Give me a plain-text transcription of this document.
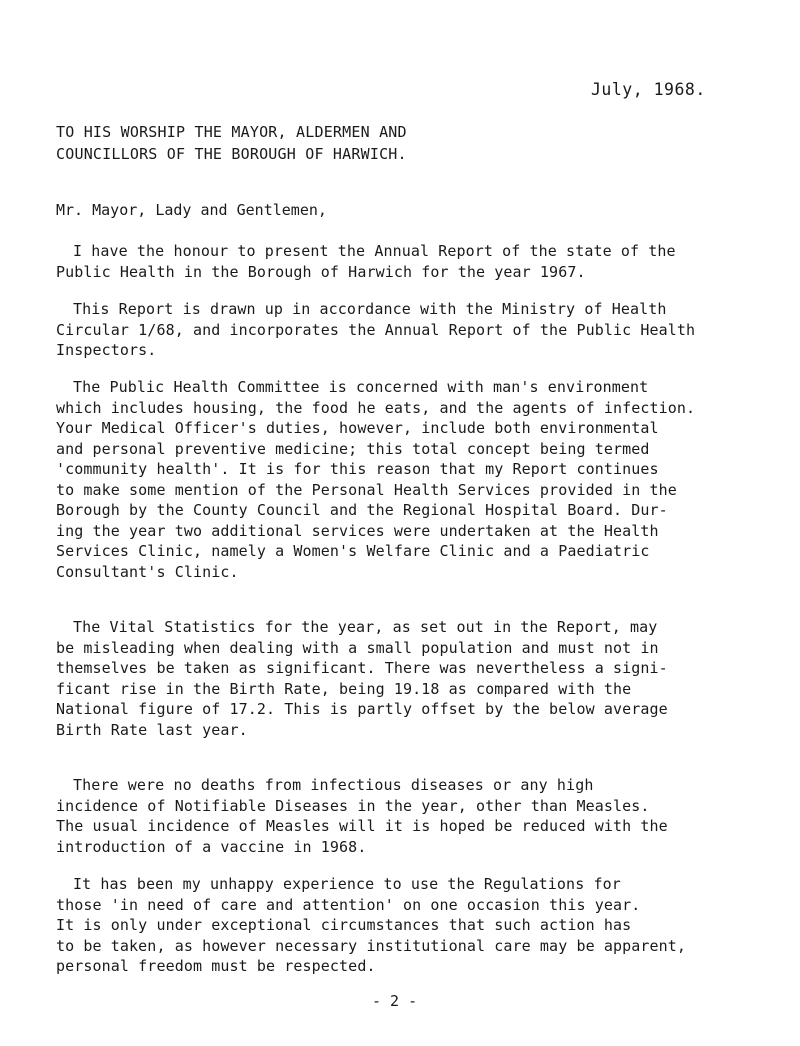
July, 1968.
TO HIS WORSHIP THE MAYOR, ALDERMEN AND
COUNCILLORS OF THE BOROUGH OF HARWICH.
Mr. Mayor, Lady and Gentlemen,
I have the honour to present the Annual Report of the state of the
Public Health in the Borough of Harwich for the year 1967.
This Report is drawn up in accordance with the Ministry of Health
Circular 1/68, and incorporates the Annual Report of the Public Health
Inspectors.
The Public Health Committee is concerned with man's environment
which includes housing, the food he eats, and the agents of infection.
Your Medical Officer's duties, however, include both environmental
and personal preventive medicine; this total concept being termed
'community health'. It is for this reason that my Report continues
to make some mention of the Personal Health Services provided in the
Borough by the County Council and the Regional Hospital Board. Dur-
ing the year two additional services were undertaken at the Health
Services Clinic, namely a Women's Welfare Clinic and a Paediatric
Consultant's Clinic.
The Vital Statistics for the year, as set out in the Report, may
be misleading when dealing with a small population and must not in
themselves be taken as significant. There was nevertheless a signi-
ficant rise in the Birth Rate, being 19.18 as compared with the
National figure of 17.2. This is partly offset by the below average
Birth Rate last year.
There were no deaths from infectious diseases or any high
incidence of Notifiable Diseases in the year, other than Measles.
The usual incidence of Measles will it is hoped be reduced with the
introduction of a vaccine in 1968.
It has been my unhappy experience to use the Regulations for
those 'in need of care and attention' on one occasion this year.
It is only under exceptional circumstances that such action has
to be taken, as however necessary institutional care may be apparent,
personal freedom must be respected.
- 2 -
